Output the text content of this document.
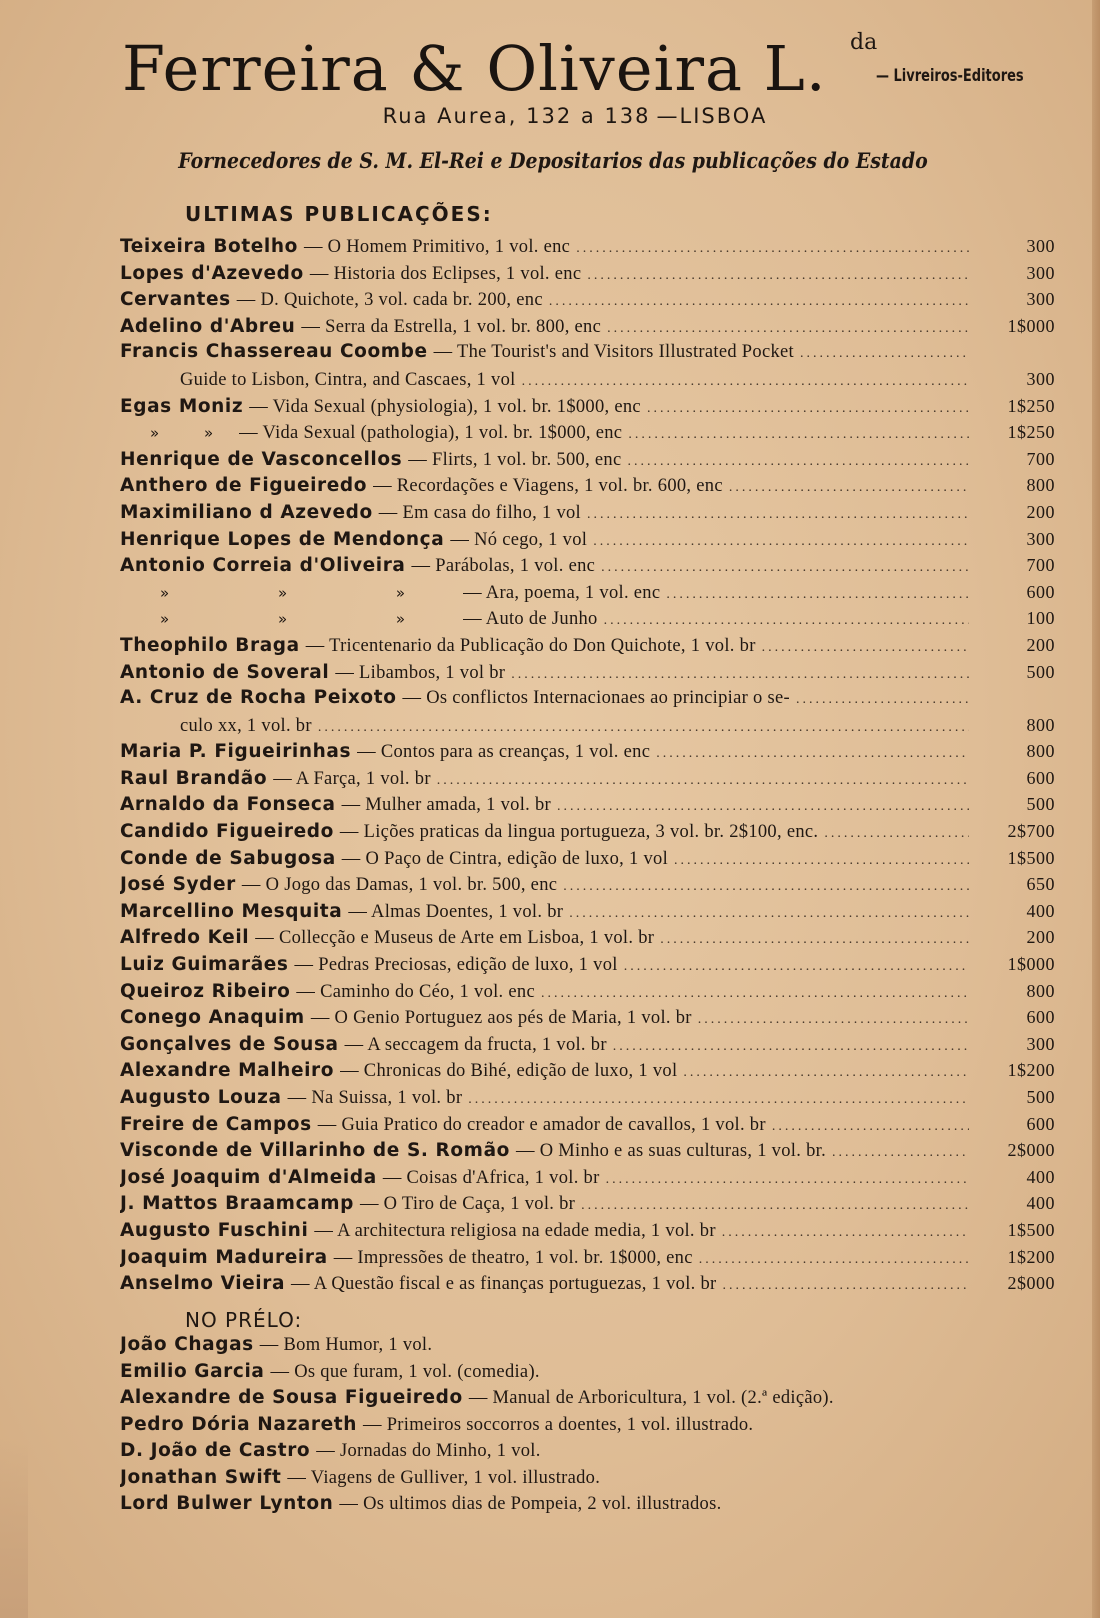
Ferreira & Oliveira L. da
— Livreiros-Editores
Rua Aurea, 132 a 138 —LISBOA
Fornecedores de S. M. El-Rei e Depositarios das publicações do Estado
ULTIMAS PUBLICAÇÕES:
Teixeira Botelho — O Homem Primitivo, 1 vol. enc .....	300
Lopes d'Azevedo — Historia dos Eclipses, 1 vol. enc .....	300
Cervantes — D. Quichote, 3 vol. cada br. 200, enc .....	300
Adelino d'Abreu — Serra da Estrella, 1 vol. br. 800, enc .....	1$000
Francis Chassereau Coombe — The Tourist's and Visitors Illustrated Pocket
.....
Guide to Lisbon, Cintra, and Cascaes, 1 vol .....	300
Egas Moniz — Vida Sexual (physiologia), 1 vol. br. 1$000, enc .....	1$250
» » — Vida Sexual (pathologia), 1 vol. br. 1$000, enc .....	1$250
Henrique de Vasconcellos — Flirts, 1 vol. br. 500, enc .....	700
Anthero de Figueiredo — Recordações e Viagens, 1 vol. br. 600, enc .....	800
Maximiliano d Azevedo — Em casa do filho, 1 vol .....	200
Henrique Lopes de Mendonça — Nó cego, 1 vol .....	300
Antonio Correia d'Oliveira — Parábolas, 1 vol. enc .....	700
» » » — Ara, poema, 1 vol. enc .....	600
» » » — Auto de Junho .....	100
Theophilo Braga — Tricentenario da Publicação do Don Quichote, 1 vol. br .....	200
Antonio de Soveral — Libambos, 1 vol br .....	500
A. Cruz de Rocha Peixoto — Os conflictos Internacionaes ao principiar o se-
.....
culo xx, 1 vol. br .....	800
Maria P. Figueirinhas — Contos para as creanças, 1 vol. enc .....	800
Raul Brandão — A Farça, 1 vol. br .....	600
Arnaldo da Fonseca — Mulher amada, 1 vol. br .....	500
Candido Figueiredo — Lições praticas da lingua portugueza, 3 vol. br. 2$100, enc. .....	2$700
Conde de Sabugosa — O Paço de Cintra, edição de luxo, 1 vol .....	1$500
José Syder — O Jogo das Damas, 1 vol. br. 500, enc .....	650
Marcellino Mesquita — Almas Doentes, 1 vol. br .....	400
Alfredo Keil — Collecção e Museus de Arte em Lisboa, 1 vol. br .....	200
Luiz Guimarães — Pedras Preciosas, edição de luxo, 1 vol .....	1$000
Queiroz Ribeiro — Caminho do Céo, 1 vol. enc .....	800
Conego Anaquim — O Genio Portuguez aos pés de Maria, 1 vol. br .....	600
Gonçalves de Sousa — A seccagem da fructa, 1 vol. br .....	300
Alexandre Malheiro — Chronicas do Bihé, edição de luxo, 1 vol .....	1$200
Augusto Louza — Na Suissa, 1 vol. br .....	500
Freire de Campos — Guia Pratico do creador e amador de cavallos, 1 vol. br .....	600
Visconde de Villarinho de S. Romão — O Minho e as suas culturas, 1 vol. br. .....	2$000
José Joaquim d'Almeida — Coisas d'Africa, 1 vol. br .....	400
J. Mattos Braamcamp — O Tiro de Caça, 1 vol. br .....	400
Augusto Fuschini — A architectura religiosa na edade media, 1 vol. br .....	1$500
Joaquim Madureira — Impressões de theatro, 1 vol. br. 1$000, enc .....	1$200
Anselmo Vieira — A Questão fiscal e as finanças portuguezas, 1 vol. br .....	2$000
NO PRÉLO:
João Chagas — Bom Humor, 1 vol.
Emilio Garcia — Os que furam, 1 vol. (comedia).
Alexandre de Sousa Figueiredo — Manual de Arboricultura, 1 vol. (2.ª edição).
Pedro Dória Nazareth — Primeiros soccorros a doentes, 1 vol. illustrado.
D. João de Castro — Jornadas do Minho, 1 vol.
Jonathan Swift — Viagens de Gulliver, 1 vol. illustrado.
Lord Bulwer Lynton — Os ultimos dias de Pompeia, 2 vol. illustrados.
